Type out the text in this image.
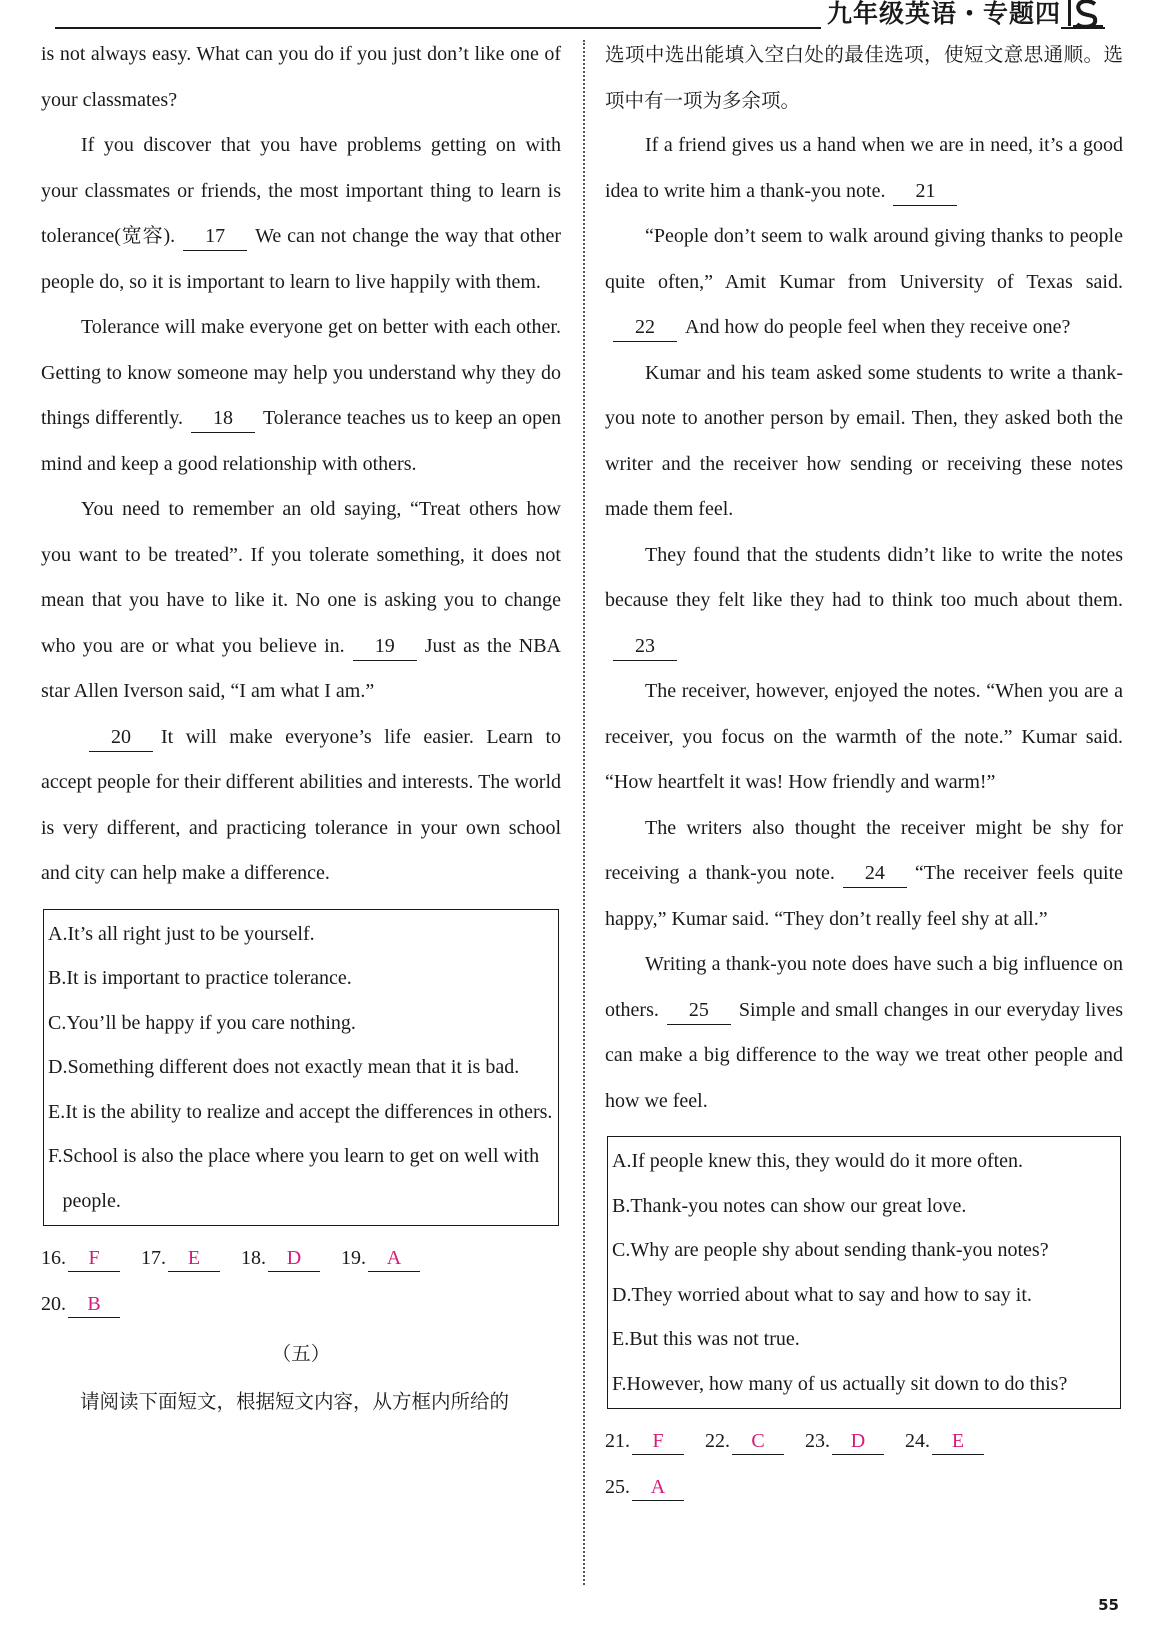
九年级英语・专题四

is not always easy. What can you do if you just don’t like one of your classmates?

If you discover that you have problems getting on with your classmates or friends, the most important thing to learn is tolerance(宽容). 17 We can not change the way that other people do, so it is important to learn to live happily with them.

Tolerance will make everyone get on better with each other. Getting to know someone may help you understand why they do things differently. 18 Tolerance teaches us to keep an open mind and keep a good relationship with others.

You need to remember an old saying, “Treat others how you want to be treated”. If you tolerate something, it does not mean that you have to like it. No one is asking you to change who you are or what you believe in. 19 Just as the NBA star Allen Iverson said, “I am what I am.”

20 It will make everyone’s life easier. Learn to accept people for their different abilities and interests. The world is very different, and practicing tolerance in your own school and city can help make a difference.

A. It’s all right just to be yourself.
B. It is important to practice tolerance.
C. You’ll be happy if you care nothing.
D. Something different does not exactly mean that it is bad.
E. It is the ability to realize and accept the differences in others.
F. School is also the place where you learn to get on well with people.
16. F 17. E 18. D 19. A
20. B

（五）

请阅读下面短文，根据短文内容，从方框内所给的

选项中选出能填入空白处的最佳选项，使短文意思通顺。选项中有一项为多余项。

If a friend gives us a hand when we are in need, it’s a good idea to write him a thank-you note. 21

“People don’t seem to walk around giving thanks to people quite often,” Amit Kumar from University of Texas said.22 And how do people feel when they receive one?

Kumar and his team asked some students to write a thank-you note to another person by email. Then, they asked both the writer and the receiver how sending or receiving these notes made them feel.

They found that the students didn’t like to write the notes because they felt like they had to think too much about them.23

The receiver, however, enjoyed the notes. “When you are a receiver, you focus on the warmth of the note.” Kumar said. “How heartfelt it was! How friendly and warm!”

The writers also thought the receiver might be shy for receiving a thank-you note. 24 “The receiver feels quite happy,” Kumar said. “They don’t really feel shy at all.”

Writing a thank-you note does have such a big influence on others. 25 Simple and small changes in our everyday lives can make a big difference to the way we treat other people and how we feel.

A. If people knew this, they would do it more often.
B. Thank-you notes can show our great love.
C. Why are people shy about sending thank-you notes?
D. They worried about what to say and how to say it.
E. But this was not true.
F. However, how many of us actually sit down to do this?
21. F 22. C 23. D 24. E
25. A
55
